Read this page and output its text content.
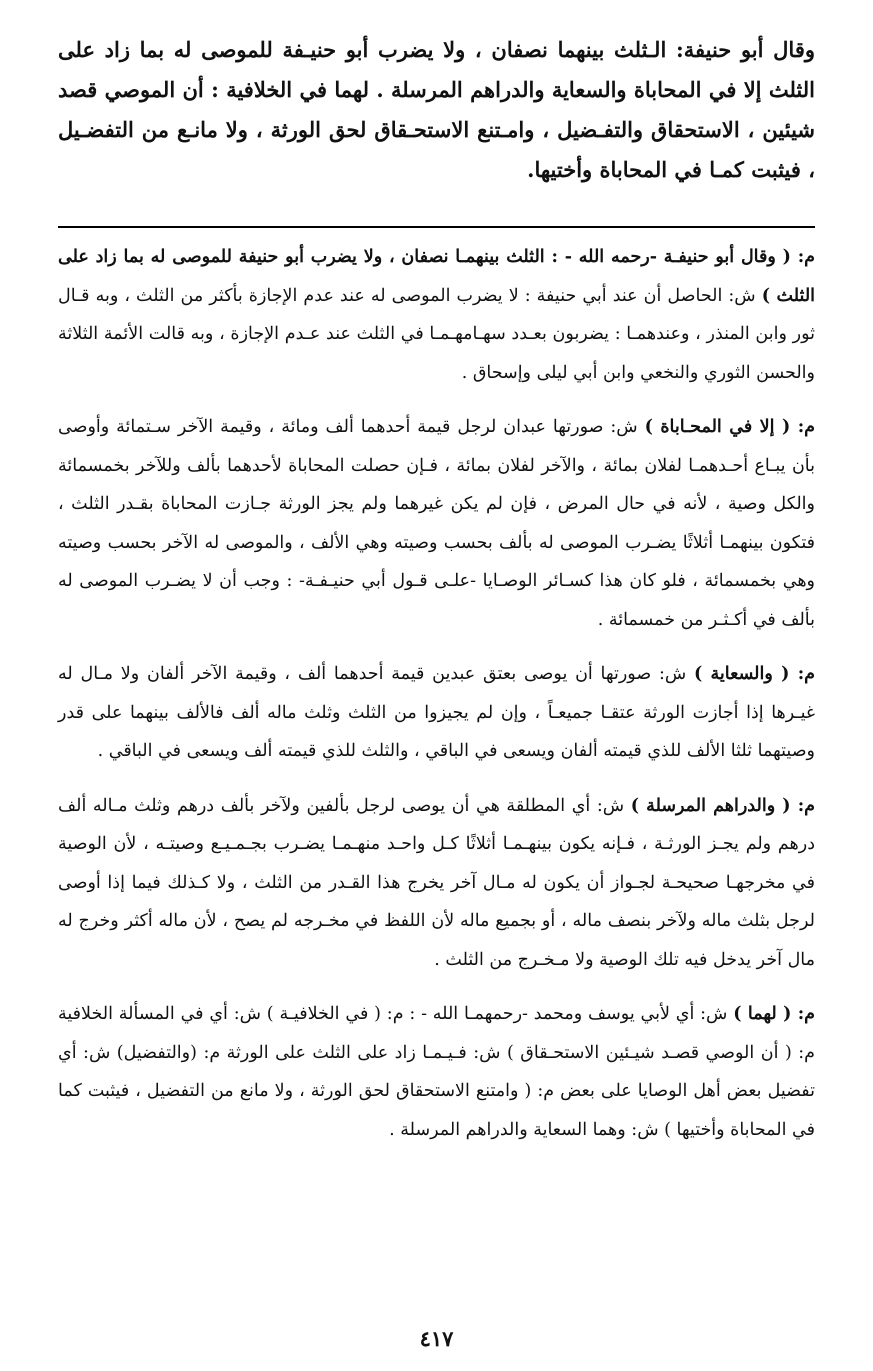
وقال أبو حنيفة: الـثلث بينهما نصفان ، ولا يضرب أبو حنيـفة للموصى له بما زاد على الثلث إلا في المحاباة والسعاية والدراهم المرسلة . لهما في الخلافية : أن الموصي قصد شيئين ، الاستحقاق والتفـضيل ، وامـتنع الاستحـقاق لحق الورثة ، ولا مانـع من التفضـيل ، فيثبت كمـا في المحاباة وأختيها.

م: ( وقال أبو حنيفـة -رحمه الله - : الثلث بينهمـا نصفان ، ولا يضرب أبو حنيفة للموصى له بما زاد على الثلث ) ش: الحاصل أن عند أبي حنيفة : لا يضرب الموصى له عند عدم الإجازة بأكثر من الثلث ، وبه قـال ثور وابن المنذر ، وعندهمـا : يضربون بعـدد سهـامهـمـا في الثلث عند عـدم الإجازة ، وبه قالت الأئمة الثلاثة والحسن الثوري والنخعي وابن أبي ليلى وإسحاق .

م: ( إلا في المحـاباة ) ش: صورتها عبدان لرجل قيمة أحدهما ألف ومائة ، وقيمة الآخر سـتمائة وأوصى بأن يبـاع أحـدهمـا لفلان بمائة ، والآخر لفلان بمائة ، فـإن حصلت المحاباة لأحدهما بألف وللآخر بخمسمائة والكل وصية ، لأنه في حال المرض ، فإن لم يكن غيرهما ولم يجز الورثة جـازت المحاباة بقـدر الثلث ، فتكون بينهمـا أثلاثًا يضـرب الموصى له بألف بحسب وصيته وهي الألف ، والموصى له الآخر بحسب وصيته وهي بخمسمائة ، فلو كان هذا كسـائر الوصـايا -علـى قـول أبي حنيـفـة- : وجب أن لا يضـرب الموصى له بألف في أكـثـر من خمسمائة .

م: ( والسعاية ) ش: صورتها أن يوصى بعتق عبدين قيمة أحدهما ألف ، وقيمة الآخر ألفان ولا مـال له غيـرها إذا أجازت الورثة عتقـا جميعـاً ، وإن لم يجيزوا من الثلث وثلث ماله ألف فالألف بينهما على قدر وصيتهما ثلثا الألف للذي قيمته ألفان ويسعى في الباقي ، والثلث للذي قيمته ألف ويسعى في الباقي .

م: ( والدراهم المرسلة ) ش: أي المطلقة هي أن يوصى لرجل بألفين ولآخر بألف درهم وثلث مـاله ألف درهم ولم يجـز الورثـة ، فـإنه يكون بينهـمـا أثلاثًا كـل واحـد منهـمـا يضـرب بجـمـيـع وصيتـه ، لأن الوصية في مخرجهـا صحيحـة لجـواز أن يكون له مـال آخر يخرج هذا القـدر من الثلث ، ولا كـذلك فيما إذا أوصى لرجل بثلث ماله ولآخر بنصف ماله ، أو بجميع ماله لأن اللفظ في مخـرجه لم يصح ، لأن ماله أكثر وخرج له مال آخر يدخل فيه تلك الوصية ولا مـخـرج من الثلث .

م: ( لهما ) ش: أي لأبي يوسف ومحمد -رحمهمـا الله - : م: ( في الخلافيـة ) ش: أي في المسألة الخلافية م: ( أن الوصي قصـد شيـئين الاستحـقاق ) ش: فـيـمـا زاد على الثلث على الورثة م: (والتفضيل) ش: أي تفضيل بعض أهل الوصايا على بعض م: ( وامتنع الاستحقاق لحق الورثة ، ولا مانع من التفضيل ، فيثبت كما في المحاباة وأختيها ) ش: وهما السعاية والدراهم المرسلة .

٤١٧
